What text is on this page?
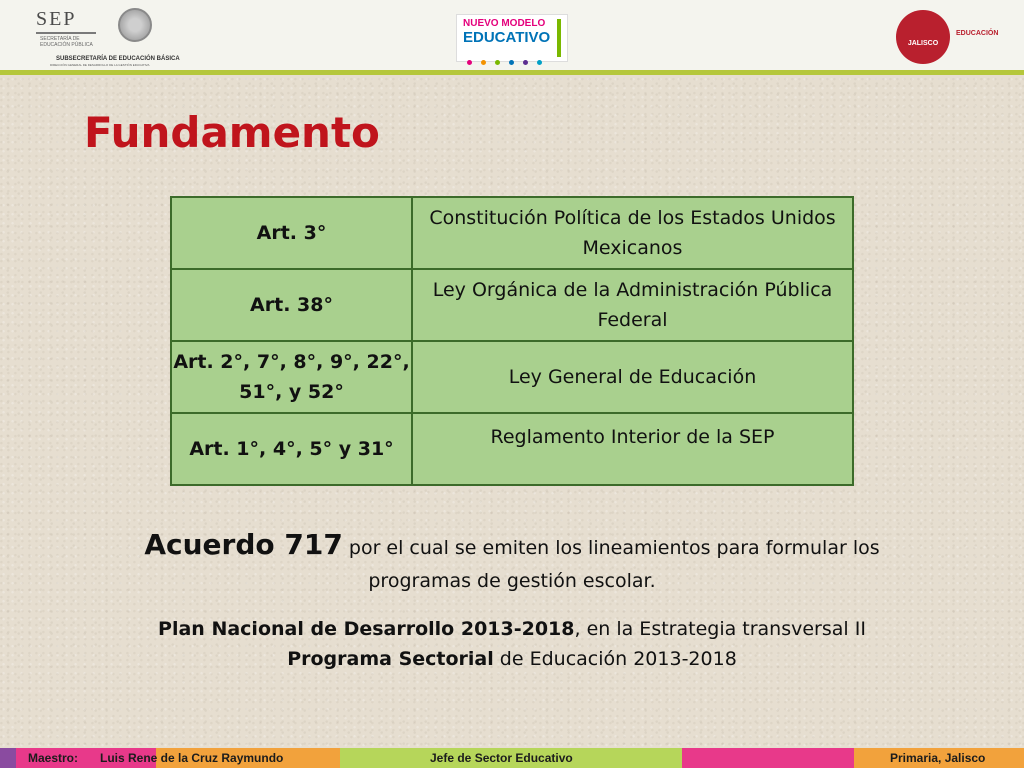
SEP
SECRETARÍA DE EDUCACIÓN PÚBLICA
SUBSECRETARÍA DE EDUCACIÓN BÁSICA
DIRECCIÓN GENERAL DE DESARROLLO DE LA GESTIÓN EDUCATIVA
NUEVO MODELO
EDUCATIVO	JALISCO
EDUCACIÓN
Fundamento
Art. 3°	Constitución Política de los Estados Unidos Mexicanos
Art. 38°	Ley Orgánica de la Administración Pública Federal
Art. 2°, 7°, 8°, 9°, 22°, 51°, y 52°	Ley General de Educación
Art. 1°, 4°, 5° y 31°	Reglamento Interior de la SEP
Acuerdo 717 por el cual se emiten los lineamientos para formular los programas de gestión escolar.
Plan Nacional de Desarrollo 2013-2018, en la Estrategia transversal II
Programa Sectorial de Educación 2013-2018
Maestro: Luis Rene de la Cruz Raymundo	Jefe de Sector Educativo	Primaria, Jalisco
